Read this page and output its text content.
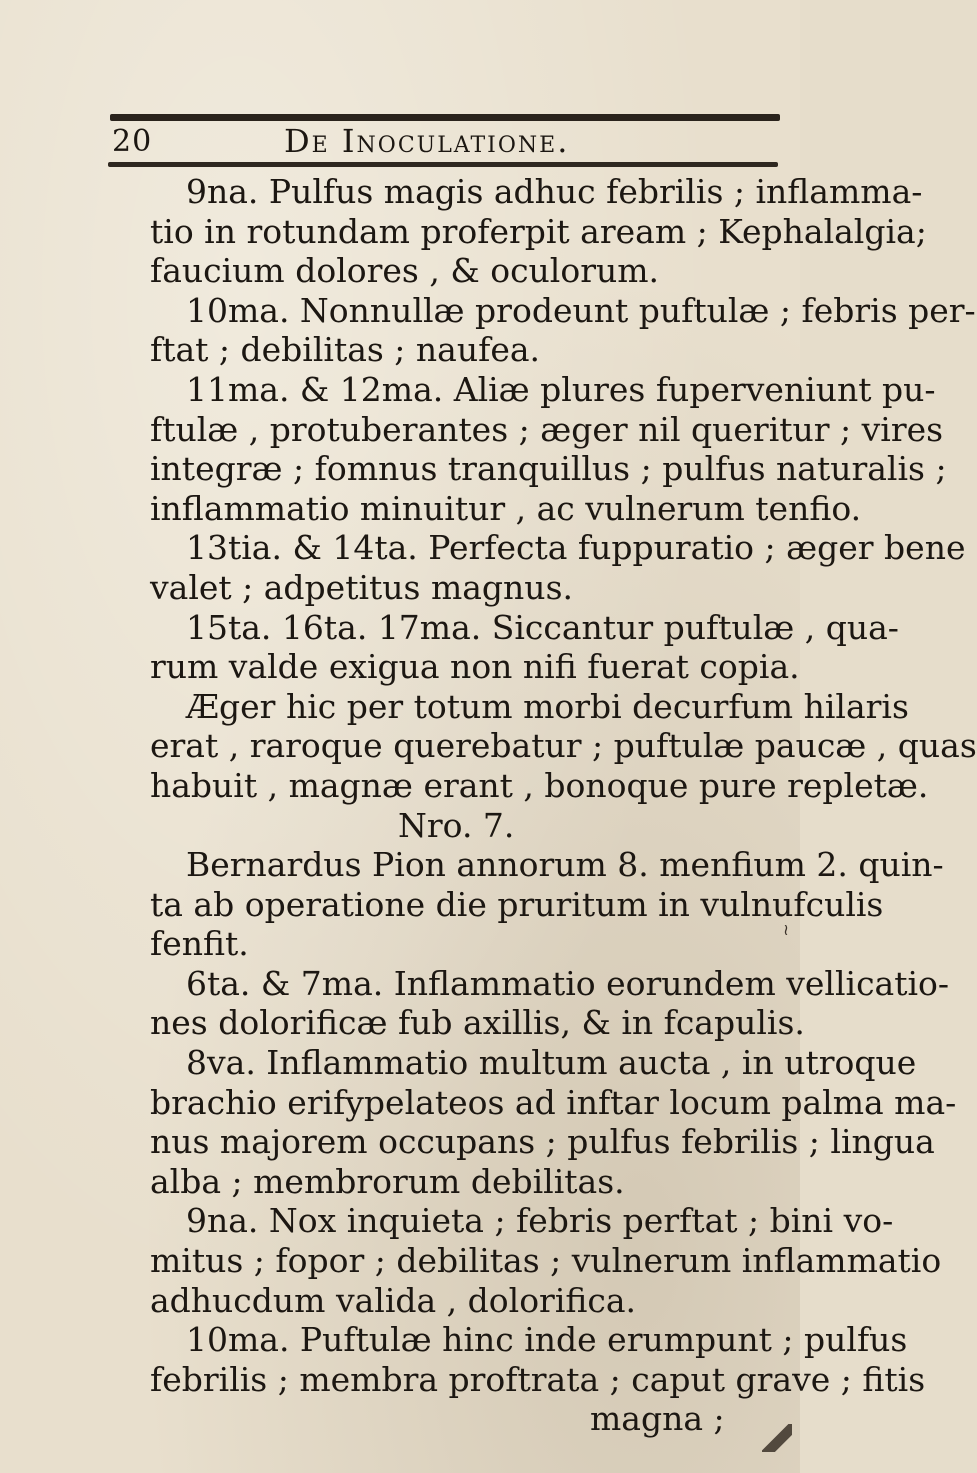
20	De Inoculatione.
9na. Pulfus magis adhuc febrilis ; inflamma-
tio in rotundam proferpit aream ; Kephalalgia;
faucium dolores , & oculorum.
10ma. Nonnullæ prodeunt puftulæ ; febris per-
ftat ; debilitas ; naufea.
11ma. & 12ma. Aliæ plures fuperveniunt pu-
ftulæ , protuberantes ; æger nil queritur ; vires
integræ ; fomnus tranquillus ; pulfus naturalis ;
inflammatio minuitur , ac vulnerum tenfio.
13tia. & 14ta. Perfecta fuppuratio ; æger bene
valet ; adpetitus magnus.
15ta. 16ta. 17ma. Siccantur puftulæ , qua-
rum valde exigua non nifi fuerat copia.
Æger hic per totum morbi decurfum hilaris
erat , raroque querebatur ; puftulæ paucæ , quas
habuit , magnæ erant , bonoque pure repletæ.
Nro. 7.
Bernardus Pion annorum 8. menfium 2. quin-
ta ab operatione die pruritum in vulnufculis
fenfit.
6ta. & 7ma. Inflammatio eorundem vellicatio-
nes dolorificæ fub axillis, & in fcapulis.
8va. Inflammatio multum aucta , in utroque
brachio erifypelateos ad inftar locum palma ma-
nus majorem occupans ; pulfus febrilis ; lingua
alba ; membrorum debilitas.
9na. Nox inquieta ; febris perftat ; bini vo-
mitus ; fopor ; debilitas ; vulnerum inflammatio
adhucdum valida , dolorifica.
10ma. Puftulæ hinc inde erumpunt ; pulfus
febrilis ; membra proftrata ; caput grave ; fitis
magna ;
≀
